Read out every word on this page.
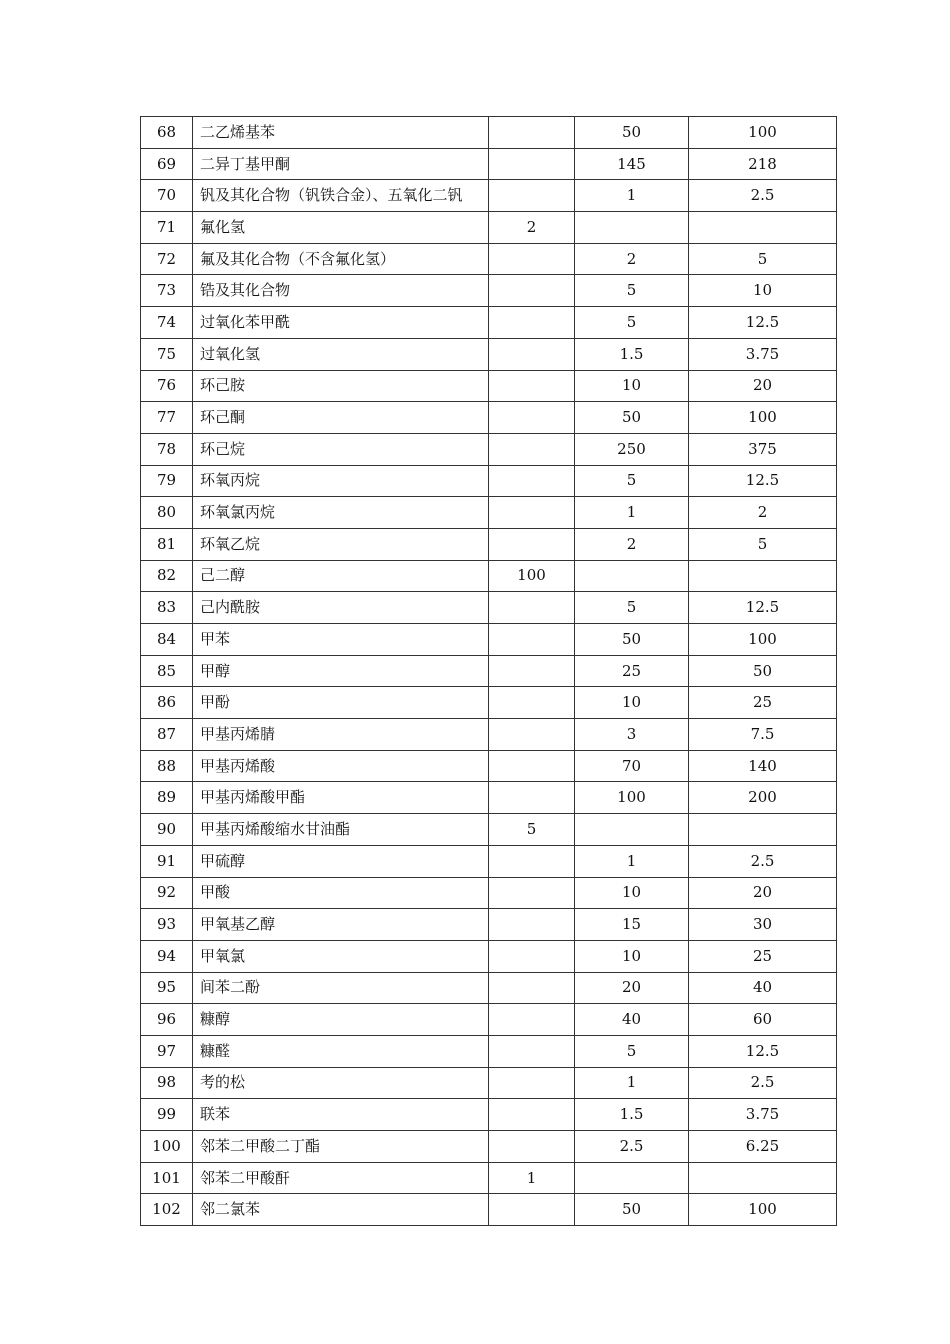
68	二乙烯基苯		50	100
69	二异丁基甲酮		145	218
70	钒及其化合物（钒铁合金）、五氧化二钒		1	2.5
71	氟化氢	2		
72	氟及其化合物（不含氟化氢）		2	5
73	锆及其化合物		5	10
74	过氧化苯甲酰		5	12.5
75	过氧化氢		1.5	3.75
76	环己胺		10	20
77	环己酮		50	100
78	环己烷		250	375
79	环氧丙烷		5	12.5
80	环氧氯丙烷		1	2
81	环氧乙烷		2	5
82	己二醇	100		
83	己内酰胺		5	12.5
84	甲苯		50	100
85	甲醇		25	50
86	甲酚		10	25
87	甲基丙烯腈		3	7.5
88	甲基丙烯酸		70	140
89	甲基丙烯酸甲酯		100	200
90	甲基丙烯酸缩水甘油酯	5		
91	甲硫醇		1	2.5
92	甲酸		10	20
93	甲氧基乙醇		15	30
94	甲氧氯		10	25
95	间苯二酚		20	40
96	糠醇		40	60
97	糠醛		5	12.5
98	考的松		1	2.5
99	联苯		1.5	3.75
100	邻苯二甲酸二丁酯		2.5	6.25
101	邻苯二甲酸酐	1		
102	邻二氯苯		50	100
